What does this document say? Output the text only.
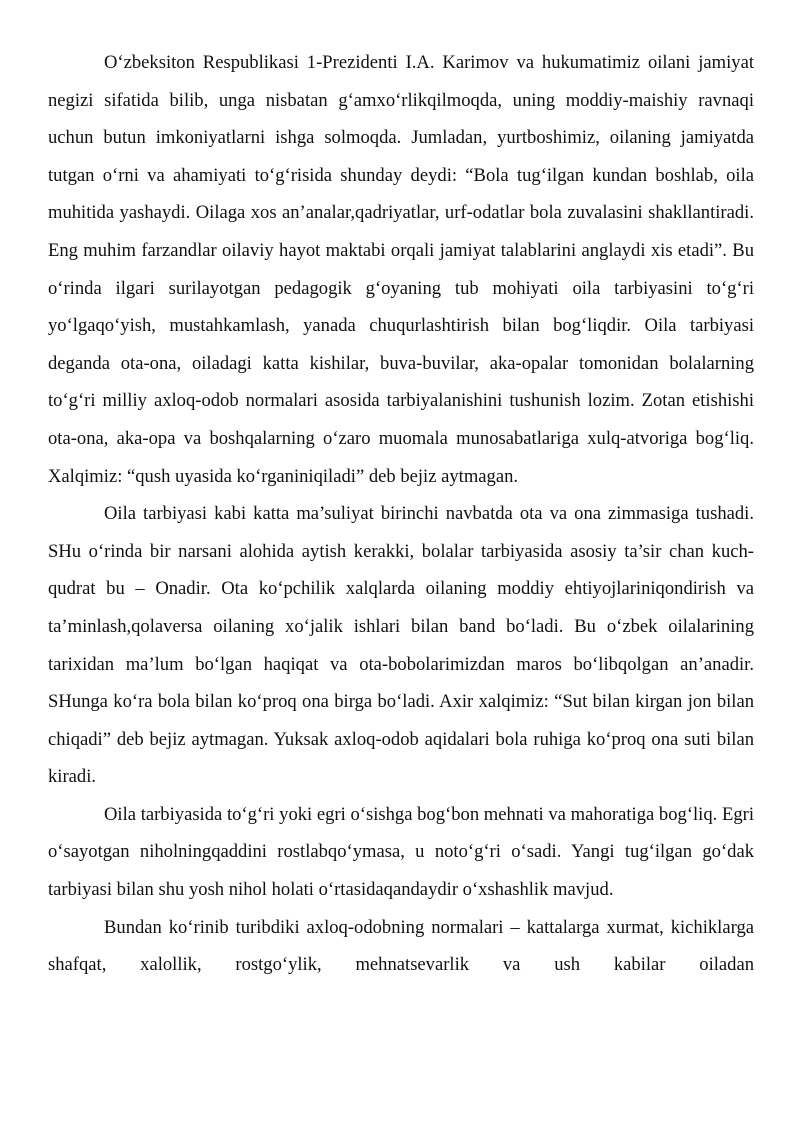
O‘zbeksiton Respublikasi 1-Prezidenti I.A. Karimov va hukumatimiz oilani jamiyat negizi sifatida bilib, unga nisbatan g‘amxo‘rlikqilmoqda, uning moddiy-maishiy ravnaqi uchun butun imkoniyatlarni ishga solmoqda. Jumladan, yurtboshimiz, oilaning jamiyatda tutgan o‘rni va ahamiyati to‘g‘risida shunday deydi: “Bola tug‘ilgan kundan boshlab, oila muhitida yashaydi. Oilaga xos an’analar,qadriyatlar, urf-odatlar bola zuvalasini shakllantiradi. Eng muhim farzandlar oilaviy hayot maktabi orqali jamiyat talablarini anglaydi xis etadi”. Bu o‘rinda ilgari surilayotgan pedagogik g‘oyaning tub mohiyati oila tarbiyasini to‘g‘ri yo‘lgaqo‘yish, mustahkamlash, yanada chuqurlashtirish bilan bog‘liqdir. Oila tarbiyasi deganda ota-ona, oiladagi katta kishilar, buva-buvilar, aka-opalar tomonidan bolalarning to‘g‘ri milliy axloq-odob normalari asosida tarbiyalanishini tushunish lozim. Zotan etishishi ota-ona, aka-opa va boshqalarning o‘zaro muomala munosabatlariga xulq-atvoriga bog‘liq. Xalqimiz: “qush uyasida ko‘rganiniqiladi” deb bejiz aytmagan.

Oila tarbiyasi kabi katta ma’suliyat birinchi navbatda ota va ona zimmasiga tushadi. SHu o‘rinda bir narsani alohida aytish kerakki, bolalar tarbiyasida asosiy ta’sir chan kuch-qudrat bu – Onadir. Ota ko‘pchilik xalqlarda oilaning moddiy ehtiyojlariniqondirish va ta’minlash,qolaversa oilaning xo‘jalik ishlari bilan band bo‘ladi. Bu o‘zbek oilalarining tarixidan ma’lum bo‘lgan haqiqat va ota-bobolarimizdan maros bo‘libqolgan an’anadir. SHunga ko‘ra bola bilan ko‘proq ona birga bo‘ladi. Axir xalqimiz: “Sut bilan kirgan jon bilan chiqadi” deb bejiz aytmagan. Yuksak axloq-odob aqidalari bola ruhiga ko‘proq ona suti bilan kiradi.

Oila tarbiyasida to‘g‘ri yoki egri o‘sishga bog‘bon mehnati va mahoratiga bog‘liq. Egri o‘sayotgan niholningqaddini rostlabqo‘ymasa, u noto‘g‘ri o‘sadi. Yangi tug‘ilgan go‘dak tarbiyasi bilan shu yosh nihol holati o‘rtasidaqandaydir o‘xshashlik mavjud.

Bundan ko‘rinib turibdiki axloq-odobning normalari – kattalarga xurmat, kichiklarga shafqat, xalollik, rostgo‘ylik, mehnatsevarlik va ush kabilar oiladan
